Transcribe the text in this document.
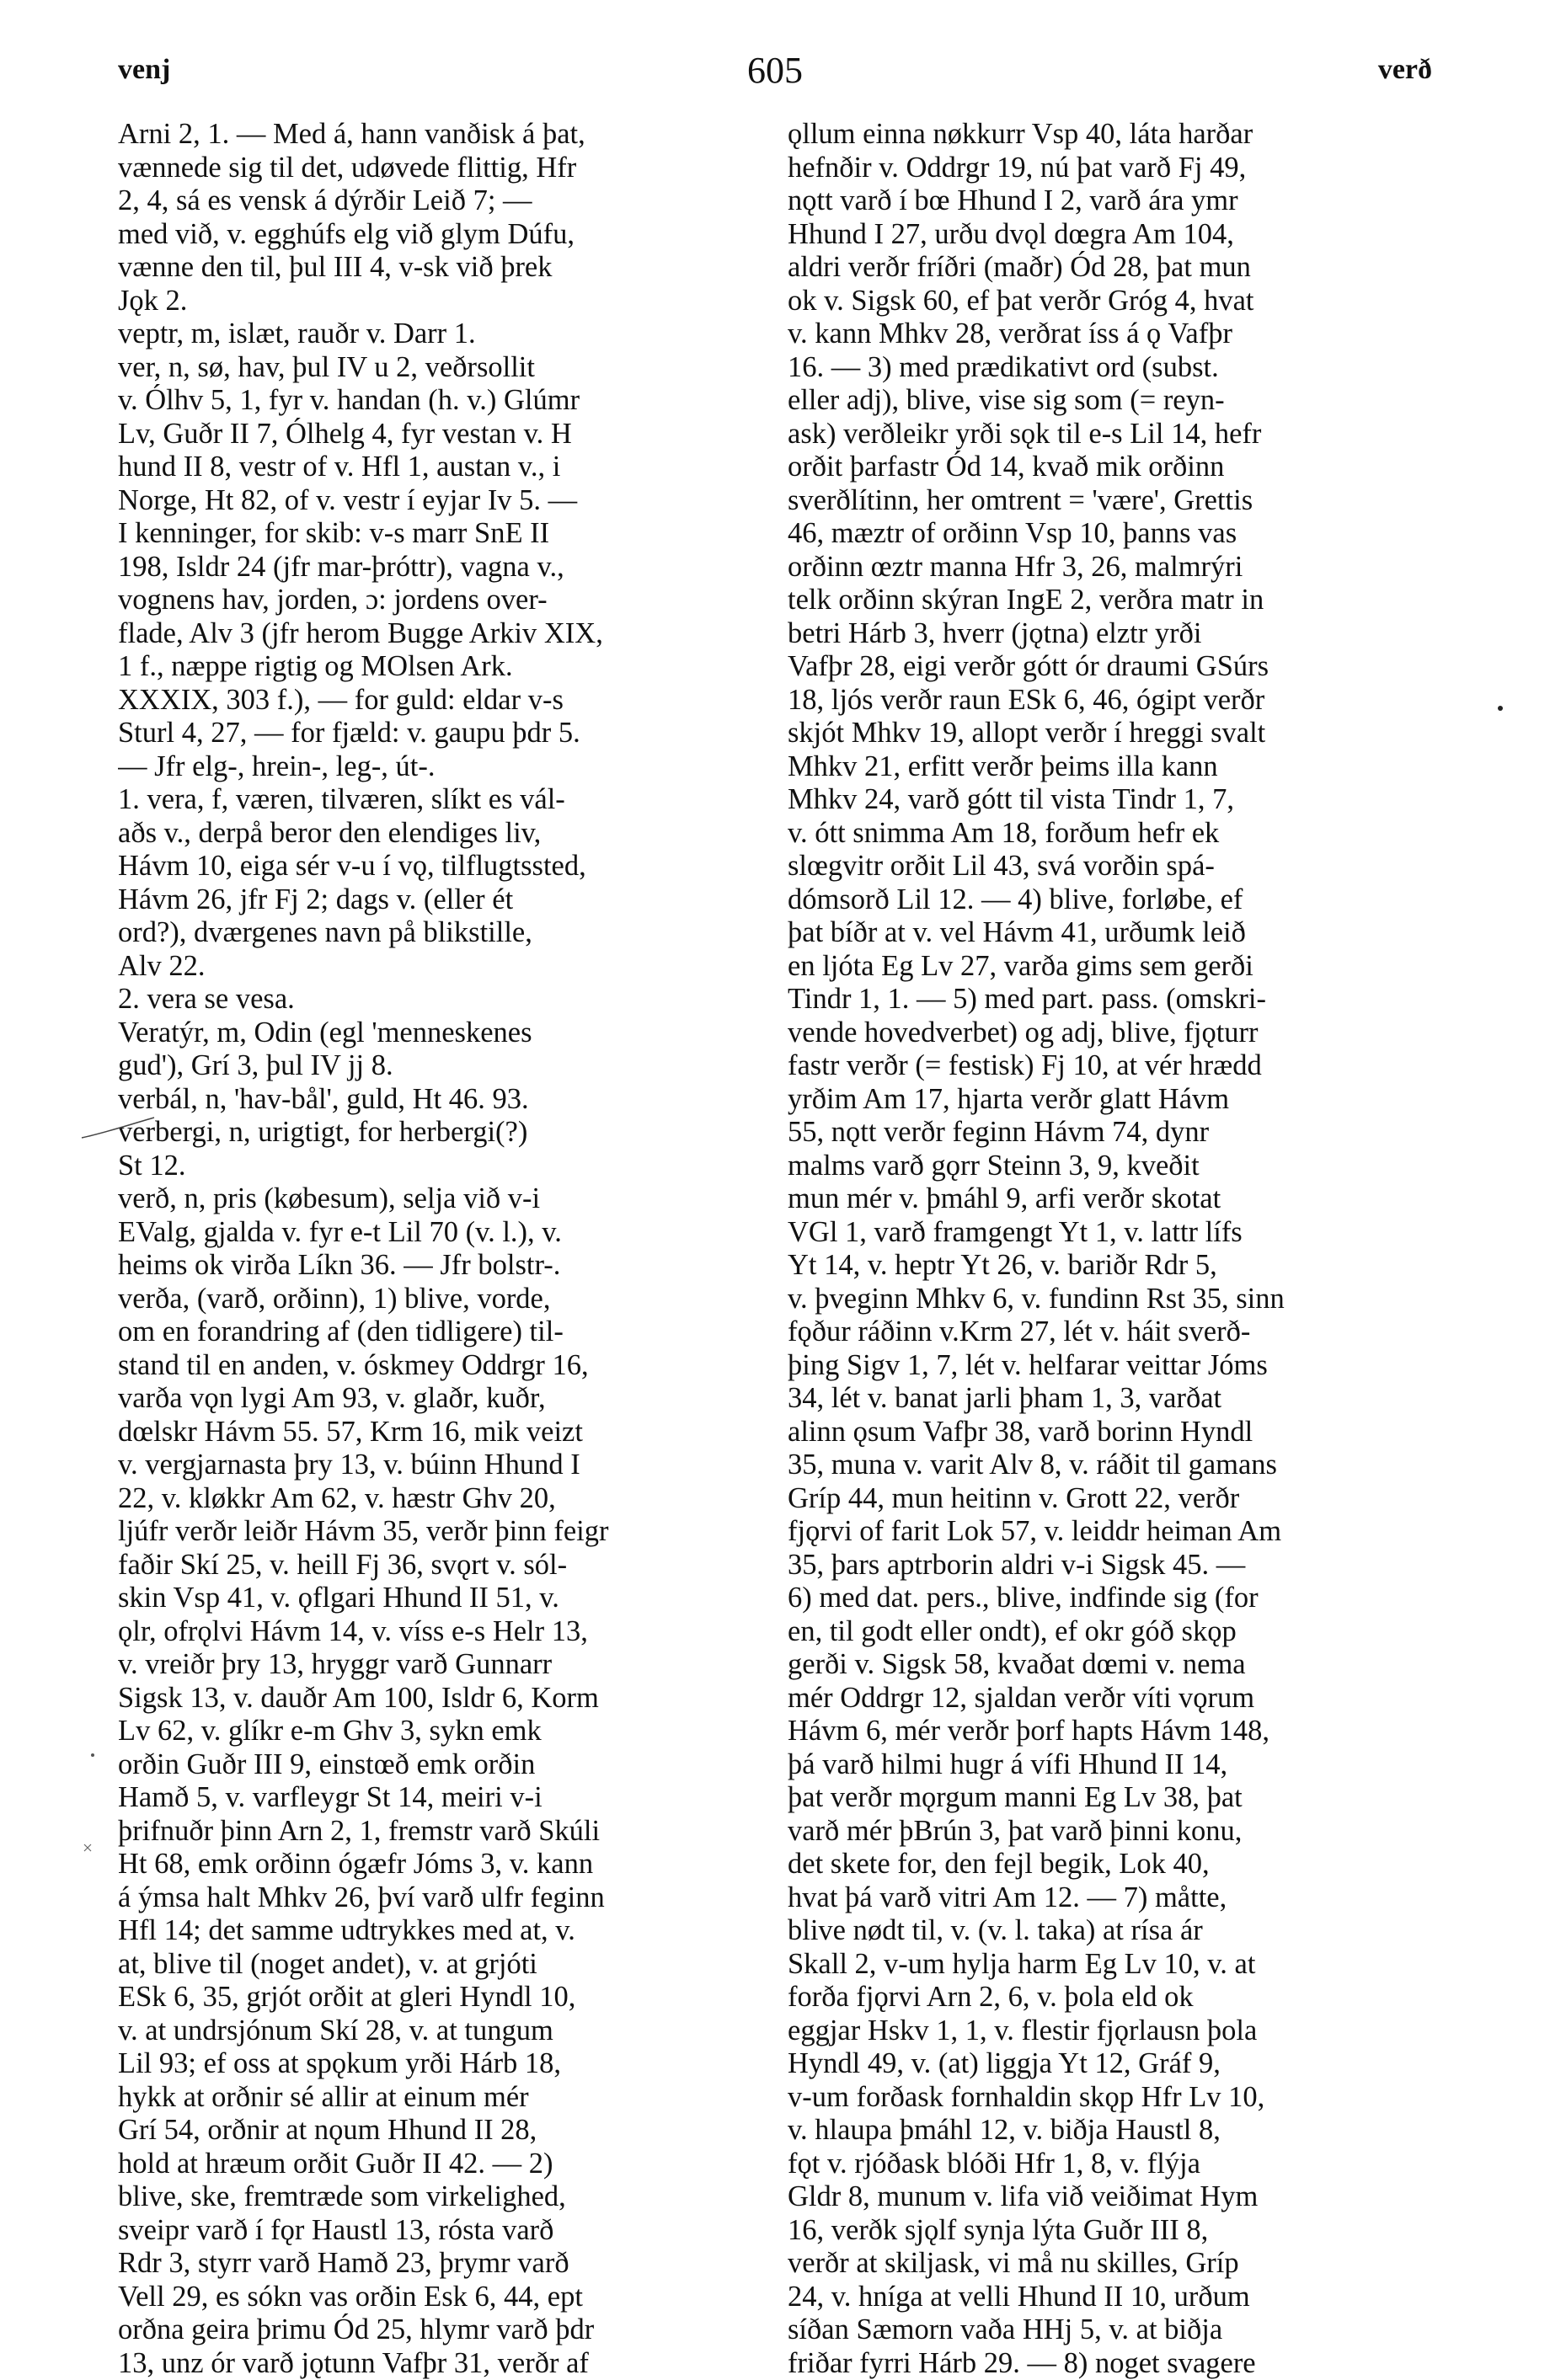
venj	605	verð
Arni 2, 1. — Med á, hann vanðisk á þat,
vænnede sig til det, udøvede flittig, Hfr
2, 4, sá es vensk á dýrðir Leið 7; —
med við, v. egghúfs elg við glym Dúfu,
vænne den til, þul III 4, v-sk við þrek
Jǫk 2.
veptr, m, islæt, rauðr v. Darr 1.
ver, n, sø, hav, þul IV u 2, veðrsollit
v. Ólhv 5, 1, fyr v. handan (h. v.) Glúmr
Lv, Guðr II 7, Ólhelg 4, fyr vestan v. H
hund II 8, vestr of v. Hfl 1, austan v., i
Norge, Ht 82, of v. vestr í eyjar Iv 5. —
I kenninger, for skib: v-s marr SnE II
198, Isldr 24 (jfr mar-þróttr), vagna v.,
vognens hav, jorden, ɔ: jordens over-
flade, Alv 3 (jfr herom Bugge Arkiv XIX,
1 f., næppe rigtig og MOlsen Ark.
XXXIX, 303 f.), — for guld: eldar v-s
Sturl 4, 27, — for fjæld: v. gaupu þdr 5.
— Jfr elg-, hrein-, leg-, út-.
1. vera, f, væren, tilværen, slíkt es vál-
aðs v., derpå beror den elendiges liv,
Hávm 10, eiga sér v-u í vǫ, tilflugtssted,
Hávm 26, jfr Fj 2; dags v. (eller ét
ord?), dværgenes navn på blikstille,
Alv 22.
2. vera se vesa.
Veratýr, m, Odin (egl 'menneskenes
gud'), Grí 3, þul IV jj 8.
verbál, n, 'hav-bål', guld, Ht 46. 93.
verbergi, n, urigtigt, for herbergi(?)
St 12.
verð, n, pris (købesum), selja við v-i
EValg, gjalda v. fyr e-t Lil 70 (v. l.), v.
heims ok virða Líkn 36. — Jfr bolstr-.
verða, (varð, orðinn), 1) blive, vorde,
om en forandring af (den tidligere) til-
stand til en anden, v. óskmey Oddrgr 16,
varða vǫn lygi Am 93, v. glaðr, kuðr,
dœlskr Hávm 55. 57, Krm 16, mik veizt
v. vergjarnasta þry 13, v. búinn Hhund I
22, v. kløkkr Am 62, v. hæstr Ghv 20,
ljúfr verðr leiðr Hávm 35, verðr þinn feigr
faðir Skí 25, v. heill Fj 36, svǫrt v. sól-
skin Vsp 41, v. ǫflgari Hhund II 51, v.
ǫlr, ofrǫlvi Hávm 14, v. víss e-s Helr 13,
v. vreiðr þry 13, hryggr varð Gunnarr
Sigsk 13, v. dauðr Am 100, Isldr 6, Korm
Lv 62, v. glíkr e-m Ghv 3, sykn emk
orðin Guðr III 9, einstœð emk orðin
Hamð 5, v. varfleygr St 14, meiri v-i
þrifnuðr þinn Arn 2, 1, fremstr varð Skúli
Ht 68, emk orðinn ógæfr Jóms 3, v. kann
á ýmsa halt Mhkv 26, því varð ulfr feginn
Hfl 14; det samme udtrykkes med at, v.
at, blive til (noget andet), v. at grjóti
ESk 6, 35, grjót orðit at gleri Hyndl 10,
v. at undrsjónum Skí 28, v. at tungum
Lil 93; ef oss at spǫkum yrði Hárb 18,
hykk at orðnir sé allir at einum mér
Grí 54, orðnir at nǫum Hhund II 28,
hold at hræum orðit Guðr II 42. — 2)
blive, ske, fremtræde som virkelighed,
sveipr varð í fǫr Haustl 13, rósta varð
Rdr 3, styrr varð Hamð 23, þrymr varð
Vell 29, es sókn vas orðin Esk 6, 44, ept
orðna geira þrimu Ód 25, hlymr varð þdr
13, unz ór varð jǫtunn Vafþr 31, verðr af
ǫllum einna nøkkurr Vsp 40, láta harðar
hefnðir v. Oddrgr 19, nú þat varð Fj 49,
nǫtt varð í bœ Hhund I 2, varð ára ymr
Hhund I 27, urðu dvǫl dœgra Am 104,
aldri verðr fríðri (maðr) Ód 28, þat mun
ok v. Sigsk 60, ef þat verðr Gróg 4, hvat
v. kann Mhkv 28, verðrat íss á ǫ Vafþr
16. — 3) med prædikativt ord (subst.
eller adj), blive, vise sig som (= reyn-
ask) verðleikr yrði sǫk til e-s Lil 14, hefr
orðit þarfastr Ód 14, kvað mik orðinn
sverðlítinn, her omtrent = 'være', Grettis
46, mæztr of orðinn Vsp 10, þanns vas
orðinn œztr manna Hfr 3, 26, malmrýri
telk orðinn skýran IngE 2, verðra matr in
betri Hárb 3, hverr (jǫtna) elztr yrði
Vafþr 28, eigi verðr gótt ór draumi GSúrs
18, ljós verðr raun ESk 6, 46, ógipt verðr
skjót Mhkv 19, allopt verðr í hreggi svalt
Mhkv 21, erfitt verðr þeims illa kann
Mhkv 24, varð gótt til vista Tindr 1, 7,
v. ótt snimma Am 18, forðum hefr ek
slœgvitr orðit Lil 43, svá vorðin spá-
dómsorð Lil 12. — 4) blive, forløbe, ef
þat bíðr at v. vel Hávm 41, urðumk leið
en ljóta Eg Lv 27, varða gims sem gerði
Tindr 1, 1. — 5) med part. pass. (omskri-
vende hovedverbet) og adj, blive, fjǫturr
fastr verðr (= festisk) Fj 10, at vér hrædd
yrðim Am 17, hjarta verðr glatt Hávm
55, nǫtt verðr feginn Hávm 74, dynr
malms varð gǫrr Steinn 3, 9, kveðit
mun mér v. þmáhl 9, arfi verðr skotat
VGl 1, varð framgengt Yt 1, v. lattr lífs
Yt 14, v. heptr Yt 26, v. bariðr Rdr 5,
v. þveginn Mhkv 6, v. fundinn Rst 35, sinn
fǫður ráðinn v.Krm 27, lét v. háit sverð-
þing Sigv 1, 7, lét v. helfarar veittar Jóms
34, lét v. banat jarli þham 1, 3, varðat
alinn ǫsum Vafþr 38, varð borinn Hyndl
35, muna v. varit Alv 8, v. ráðit til gamans
Gríp 44, mun heitinn v. Grott 22, verðr
fjǫrvi of farit Lok 57, v. leiddr heiman Am
35, þars aptrborin aldri v-i Sigsk 45. —
6) med dat. pers., blive, indfinde sig (for
en, til godt eller ondt), ef okr góð skǫp
gerði v. Sigsk 58, kvaðat dœmi v. nema
mér Oddrgr 12, sjaldan verðr víti vǫrum
Hávm 6, mér verðr þorf hapts Hávm 148,
þá varð hilmi hugr á vífi Hhund II 14,
þat verðr mǫrgum manni Eg Lv 38, þat
varð mér þBrún 3, þat varð þinni konu,
det skete for, den fejl begik, Lok 40,
hvat þá varð vitri Am 12. — 7) måtte,
blive nødt til, v. (v. l. taka) at rísa ár
Skall 2, v-um hylja harm Eg Lv 10, v. at
forða fjǫrvi Arn 2, 6, v. þola eld ok
eggjar Hskv 1, 1, v. flestir fjǫrlausn þola
Hyndl 49, v. (at) liggja Yt 12, Gráf 9,
v-um forðask fornhaldin skǫp Hfr Lv 10,
v. hlaupa þmáhl 12, v. biðja Haustl 8,
fǫt v. rjóðask blóði Hfr 1, 8, v. flýja
Gldr 8, munum v. lifa við veiðimat Hym
16, verðk sjǫlf synja lýta Guðr III 8,
verðr at skiljask, vi må nu skilles, Gríp
24, v. hníga at velli Hhund II 10, urðum
síðan Sæmorn vaða HHj 5, v. at biðja
friðar fyrri Hárb 29. — 8) noget svagere
